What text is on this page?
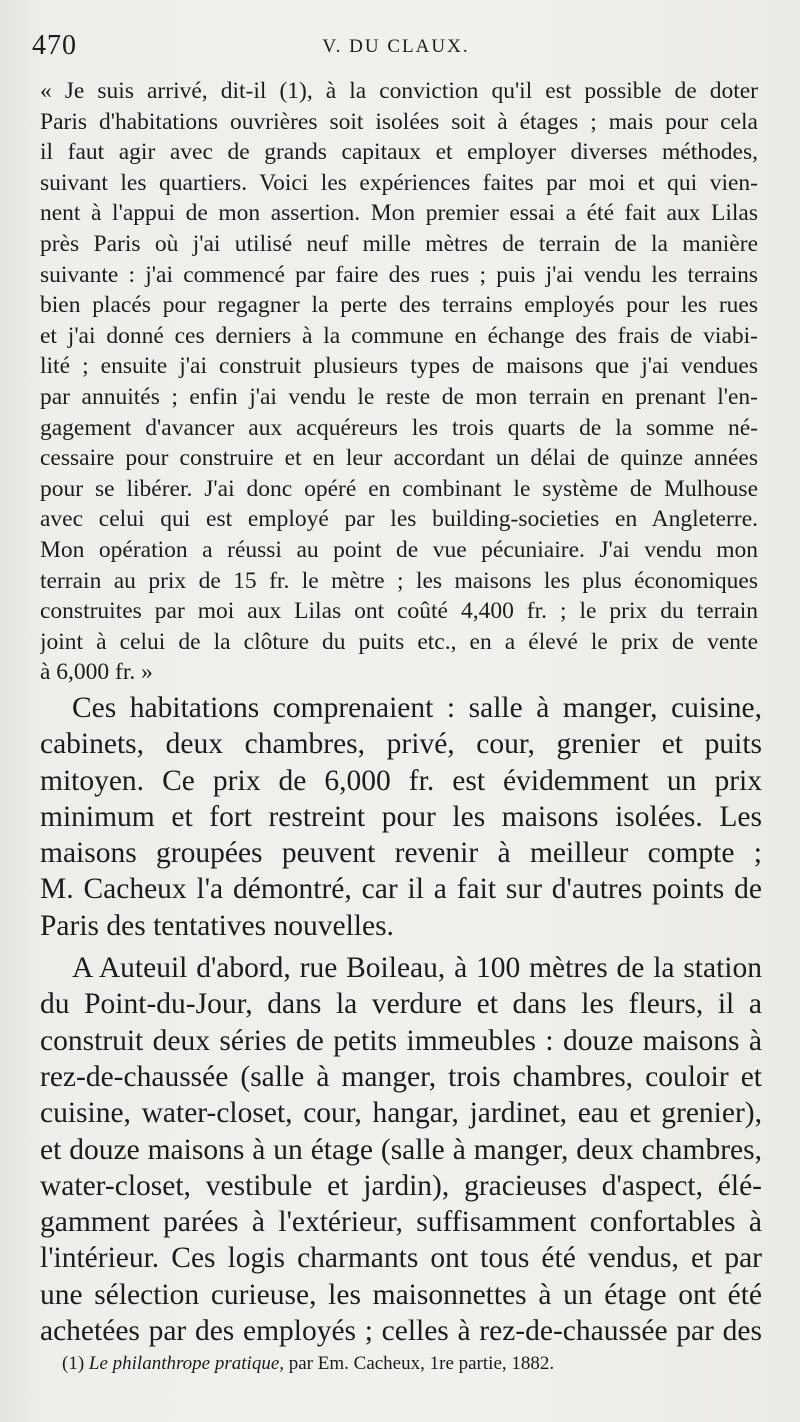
470	V. DU CLAUX.
« Je suis arrivé, dit-il (1), à la conviction qu'il est possible de doter
Paris d'habitations ouvrières soit isolées soit à étages ; mais pour cela
il faut agir avec de grands capitaux et employer diverses méthodes,
suivant les quartiers. Voici les expériences faites par moi et qui vien-
nent à l'appui de mon assertion. Mon premier essai a été fait aux Lilas
près Paris où j'ai utilisé neuf mille mètres de terrain de la manière
suivante : j'ai commencé par faire des rues ; puis j'ai vendu les terrains
bien placés pour regagner la perte des terrains employés pour les rues
et j'ai donné ces derniers à la commune en échange des frais de viabi-
lité ; ensuite j'ai construit plusieurs types de maisons que j'ai vendues
par annuités ; enfin j'ai vendu le reste de mon terrain en prenant l'en-
gagement d'avancer aux acquéreurs les trois quarts de la somme né-
cessaire pour construire et en leur accordant un délai de quinze années
pour se libérer. J'ai donc opéré en combinant le système de Mulhouse
avec celui qui est employé par les building-societies en Angleterre.
Mon opération a réussi au point de vue pécuniaire. J'ai vendu mon
terrain au prix de 15 fr. le mètre ; les maisons les plus économiques
construites par moi aux Lilas ont coûté 4,400 fr. ; le prix du terrain
joint à celui de la clôture du puits etc., en a élevé le prix de vente
à 6,000 fr. »
Ces habitations comprenaient : salle à manger, cuisine,
cabinets, deux chambres, privé, cour, grenier et puits
mitoyen. Ce prix de 6,000 fr. est évidemment un prix
minimum et fort restreint pour les maisons isolées. Les
maisons groupées peuvent revenir à meilleur compte ;
M. Cacheux l'a démontré, car il a fait sur d'autres points de
Paris des tentatives nouvelles.
A Auteuil d'abord, rue Boileau, à 100 mètres de la station
du Point-du-Jour, dans la verdure et dans les fleurs, il a
construit deux séries de petits immeubles : douze maisons à
rez-de-chaussée (salle à manger, trois chambres, couloir et
cuisine, water-closet, cour, hangar, jardinet, eau et grenier),
et douze maisons à un étage (salle à manger, deux chambres,
water-closet, vestibule et jardin), gracieuses d'aspect, élé-
gamment parées à l'extérieur, suffisamment confortables à
l'intérieur. Ces logis charmants ont tous été vendus, et par
une sélection curieuse, les maisonnettes à un étage ont été
achetées par des employés ; celles à rez-de-chaussée par des
(1) Le philanthrope pratique, par Em. Cacheux, 1re partie, 1882.
